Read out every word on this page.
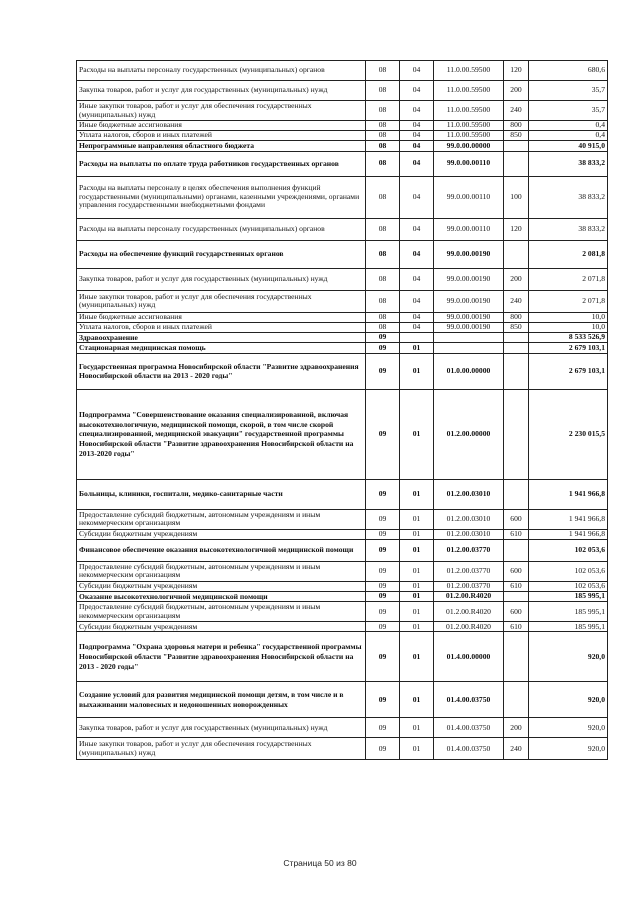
Расходы на выплаты персоналу государственных (муниципальных) органов	08	04	11.0.00.59500	120	680,6
Закупка товаров, работ и услуг для государственных (муниципальных) нужд	08	04	11.0.00.59500	200	35,7
Иные закупки товаров, работ и услуг для обеспечения государственных (муниципальных) нужд	08	04	11.0.00.59500	240	35,7
Иные бюджетные ассигнования	08	04	11.0.00.59500	800	0,4
Уплата налогов, сборов и иных платежей	08	04	11.0.00.59500	850	0,4
Непрограммные направления областного бюджета	08	04	99.0.00.00000		40 915,0
Расходы на выплаты по оплате труда работников государственных органов	08	04	99.0.00.00110		38 833,2
Расходы на выплаты персоналу в целях обеспечения выполнения функций государственными (муниципальными) органами, казенными учреждениями, органами управления государственными внебюджетными фондами	08	04	99.0.00.00110	100	38 833,2
Расходы на выплаты персоналу государственных (муниципальных) органов	08	04	99.0.00.00110	120	38 833,2
Расходы на обеспечение функций государственных органов	08	04	99.0.00.00190		2 081,8
Закупка товаров, работ и услуг для государственных (муниципальных) нужд	08	04	99.0.00.00190	200	2 071,8
Иные закупки товаров, работ и услуг для обеспечения государственных (муниципальных) нужд	08	04	99.0.00.00190	240	2 071,8
Иные бюджетные ассигнования	08	04	99.0.00.00190	800	10,0
Уплата налогов, сборов и иных платежей	08	04	99.0.00.00190	850	10,0
Здравоохранение	09				8 533 526,9
Стационарная медицинская помощь	09	01			2 679 103,1
Государственная программа Новосибирской области "Развитие здравоохранения Новосибирской области на 2013 - 2020 годы"	09	01	01.0.00.00000		2 679 103,1
Подпрограмма "Совершенствование оказания специализированной, включая высокотехнологичную, медицинской помощи, скорой, в том числе скорой специализированной, медицинской эвакуации" государственной программы Новосибирской области "Развитие здравоохранения Новосибирской области на 2013-2020 годы"	09	01	01.2.00.00000		2 230 015,5
Больницы, клиники, госпитали, медико-санитарные части	09	01	01.2.00.03010		1 941 966,8
Предоставление субсидий бюджетным, автономным учреждениям и иным некоммерческим организациям	09	01	01.2.00.03010	600	1 941 966,8
Субсидии бюджетным учреждениям	09	01	01.2.00.03010	610	1 941 966,8
Финансовое обеспечение оказания высокотехнологичной медицинской помощи	09	01	01.2.00.03770		102 053,6
Предоставление субсидий бюджетным, автономным учреждениям и иным некоммерческим организациям	09	01	01.2.00.03770	600	102 053,6
Субсидии бюджетным учреждениям	09	01	01.2.00.03770	610	102 053,6
Оказание высокотехнологичной медицинской помощи	09	01	01.2.00.R4020		185 995,1
Предоставление субсидий бюджетным, автономным учреждениям и иным некоммерческим организациям	09	01	01.2.00.R4020	600	185 995,1
Субсидии бюджетным учреждениям	09	01	01.2.00.R4020	610	185 995,1
Подпрограмма "Охрана здоровья матери и ребенка" государственной программы Новосибирской области "Развитие здравоохранения Новосибирской области на 2013 - 2020 годы"	09	01	01.4.00.00000		920,0
Создание условий для развития медицинской помощи детям, в том числе и в выхаживании маловесных и недоношенных новорожденных	09	01	01.4.00.03750		920,0
Закупка товаров, работ и услуг для государственных (муниципальных) нужд	09	01	01.4.00.03750	200	920,0
Иные закупки товаров, работ и услуг для обеспечения государственных (муниципальных) нужд	09	01	01.4.00.03750	240	920,0
Страница 50 из 80
